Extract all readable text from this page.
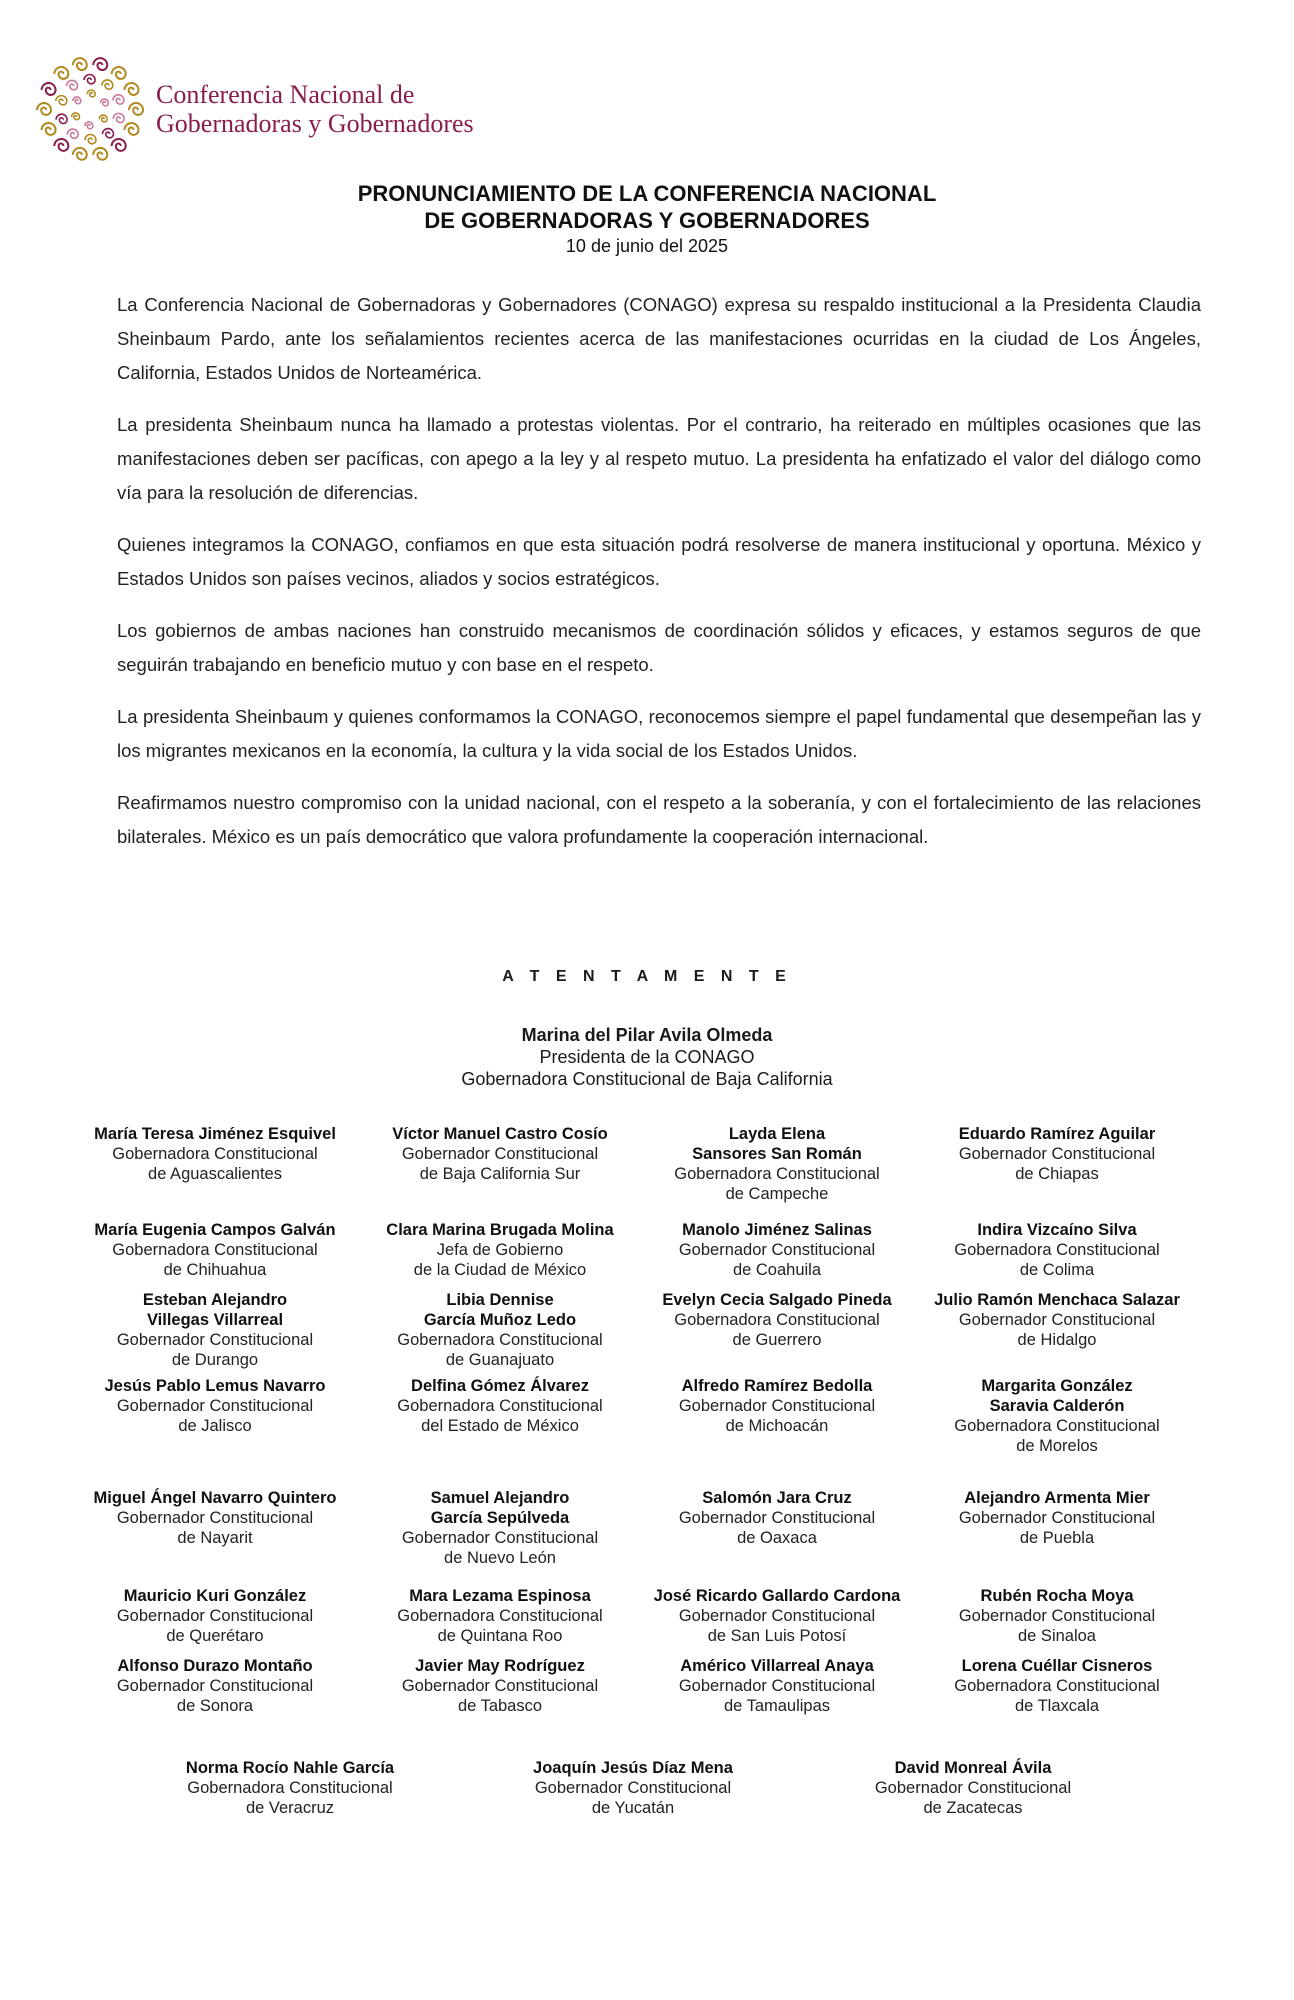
Conferencia Nacional de
Gobernadoras y Gobernadores
PRONUNCIAMIENTO DE LA CONFERENCIA NACIONAL
DE GOBERNADORAS Y GOBERNADORES
10 de junio del 2025

La Conferencia Nacional de Gobernadoras y Gobernadores (CONAGO) expresa su respaldo institucional a la Presidenta Claudia Sheinbaum Pardo, ante los señalamientos recientes acerca de las manifestaciones ocurridas en la ciudad de Los Ángeles, California, Estados Unidos de Norteamérica.

La presidenta Sheinbaum nunca ha llamado a protestas violentas. Por el contrario, ha reiterado en múltiples ocasiones que las manifestaciones deben ser pacíficas, con apego a la ley y al respeto mutuo. La presidenta ha enfatizado el valor del diálogo como vía para la resolución de diferencias.

Quienes integramos la CONAGO, confiamos en que esta situación podrá resolverse de manera institucional y oportuna. México y Estados Unidos son países vecinos, aliados y socios estratégicos.

Los gobiernos de ambas naciones han construido mecanismos de coordinación sólidos y eficaces, y estamos seguros de que seguirán trabajando en beneficio mutuo y con base en el respeto.

La presidenta Sheinbaum y quienes conformamos la CONAGO, reconocemos siempre el papel fundamental que desempeñan las y los migrantes mexicanos en la economía, la cultura y la vida social de los Estados Unidos.

Reafirmamos nuestro compromiso con la unidad nacional, con el respeto a la soberanía, y con el fortalecimiento de las relaciones bilaterales. México es un país democrático que valora profundamente la cooperación internacional.

A T E N T A M E N T E
Marina del Pilar Avila Olmeda
Presidenta de la CONAGO
Gobernadora Constitucional de Baja California
María Teresa Jiménez Esquivel
Gobernadora Constitucional
de Aguascalientes
Víctor Manuel Castro Cosío
Gobernador Constitucional
de Baja California Sur
Layda Elena
Sansores San Román
Gobernadora Constitucional
de Campeche
Eduardo Ramírez Aguilar
Gobernador Constitucional
de Chiapas
María Eugenia Campos Galván
Gobernadora Constitucional
de Chihuahua
Clara Marina Brugada Molina
Jefa de Gobierno
de la Ciudad de México
Manolo Jiménez Salinas
Gobernador Constitucional
de Coahuila
Indira Vizcaíno Silva
Gobernadora Constitucional
de Colima
Esteban Alejandro
Villegas Villarreal
Gobernador Constitucional
de Durango
Libia Dennise
García Muñoz Ledo
Gobernadora Constitucional
de Guanajuato
Evelyn Cecia Salgado Pineda
Gobernadora Constitucional
de Guerrero
Julio Ramón Menchaca Salazar
Gobernador Constitucional
de Hidalgo
Jesús Pablo Lemus Navarro
Gobernador Constitucional
de Jalisco
Delfina Gómez Álvarez
Gobernadora Constitucional
del Estado de México
Alfredo Ramírez Bedolla
Gobernador Constitucional
de Michoacán
Margarita González
Saravia Calderón
Gobernadora Constitucional
de Morelos
Miguel Ángel Navarro Quintero
Gobernador Constitucional
de Nayarit
Samuel Alejandro
García Sepúlveda
Gobernador Constitucional
de Nuevo León
Salomón Jara Cruz
Gobernador Constitucional
de Oaxaca
Alejandro Armenta Mier
Gobernador Constitucional
de Puebla
Mauricio Kuri González
Gobernador Constitucional
de Querétaro
Mara Lezama Espinosa
Gobernadora Constitucional
de Quintana Roo
José Ricardo Gallardo Cardona
Gobernador Constitucional
de San Luis Potosí
Rubén Rocha Moya
Gobernador Constitucional
de Sinaloa
Alfonso Durazo Montaño
Gobernador Constitucional
de Sonora
Javier May Rodríguez
Gobernador Constitucional
de Tabasco
Américo Villarreal Anaya
Gobernador Constitucional
de Tamaulipas
Lorena Cuéllar Cisneros
Gobernadora Constitucional
de Tlaxcala
Norma Rocío Nahle García
Gobernadora Constitucional
de Veracruz
Joaquín Jesús Díaz Mena
Gobernador Constitucional
de Yucatán
David Monreal Ávila
Gobernador Constitucional
de Zacatecas
